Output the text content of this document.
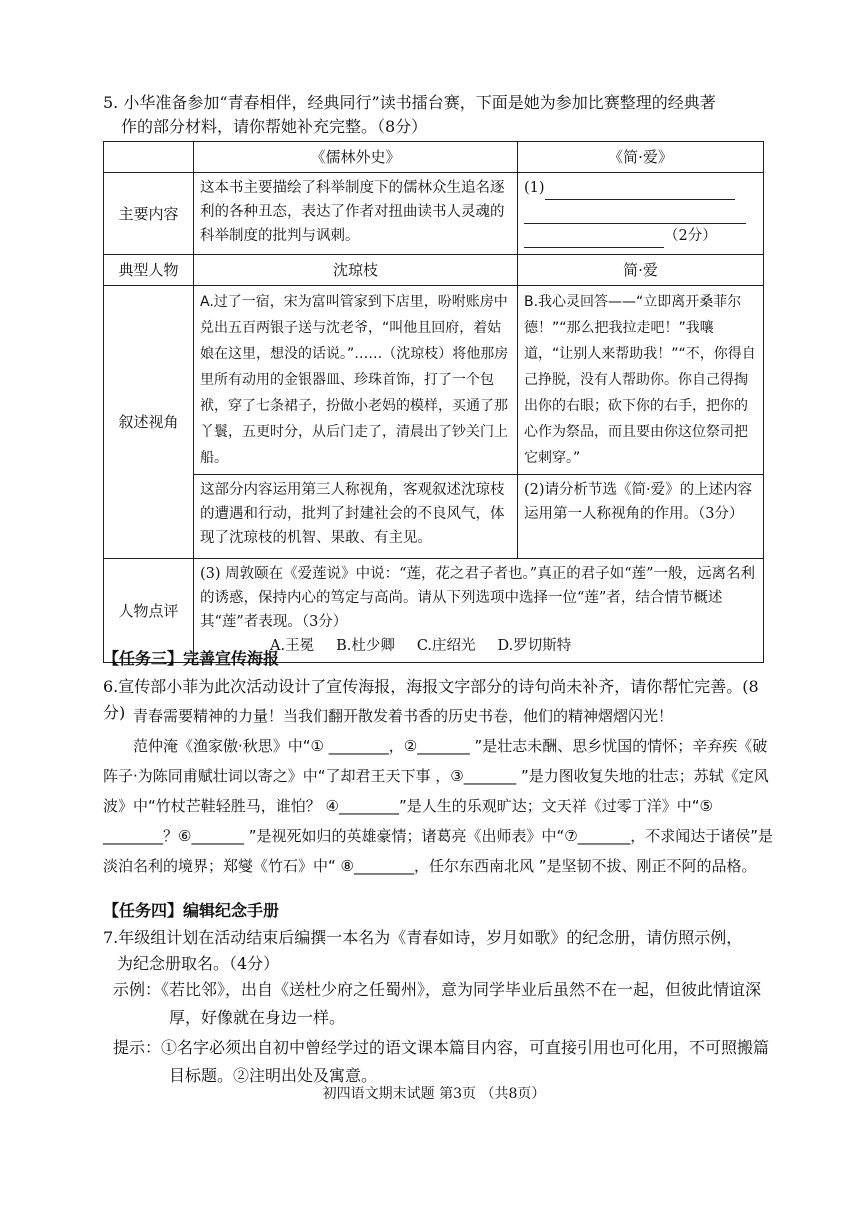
5. 小华准备参加“青春相伴，经典同行”读书擂台赛，下面是她为参加比赛整理的经典著
作的部分材料，请你帮她补充完整。（8分）
	《儒林外史》	《简·爱》
主要内容	这本书主要描绘了科举制度下的儒林众生追名逐利的各种丑态，表达了作者对扭曲读书人灵魂的科举制度的批判与讽刺。	(1)
（2分）

典型人物	沈琼枝	简·爱
叙述视角	A.过了一宿，宋为富叫管家到下店里，吩咐账房中兑出五百两银子送与沈老爷，“叫他且回府，着姑娘在这里，想没的话说。”……（沈琼枝）将他那房里所有动用的金银器皿、珍珠首饰，打了一个包袱，穿了七条裙子，扮做小老妈的模样，买通了那丫鬟，五更时分，从后门走了，清晨出了钞关门上船。	B.我心灵回答——“立即离开桑菲尔德！”“那么把我拉走吧！”我嚷道，“让别人来帮助我！”“不，你得自己挣脱，没有人帮助你。你自己得掏出你的右眼；砍下你的右手，把你的心作为祭品，而且要由你这位祭司把它刺穿。”
	这部分内容运用第三人称视角，客观叙述沈琼枝的遭遇和行动，批判了封建社会的不良风气，体现了沈琼枝的机智、果敢、有主见。	(2)请分析节选《简·爱》的上述内容运用第一人称视角的作用。（3分）
人物点评	(3) 周敦颐在《爱莲说》中说：“莲，花之君子者也。”真正的君子如“莲”一般，远离名利的诱惑，保持内心的笃定与高尚。请从下列选项中选择一位“莲”者，结合情节概述其“莲”者表现。（3分）
A.王冕 B.杜少卿 C.庄绍光 D.罗切斯特	
【任务三】完善宣传海报
6.宣传部小菲为此次活动设计了宣传海报，海报文字部分的诗句尚未补齐，请你帮忙完善。(8分) 青春需要精神的力量！当我们翻开散发着书香的历史书卷，他们的精神熠熠闪光！

范仲淹《渔家傲·秋思》中“① ________，②_______ ”是壮志未酬、思乡忧国的情怀；辛弃疾《破阵子·为陈同甫赋壮词以寄之》中“了却君王天下事 ，③_______ ”是力图收复失地的壮志；苏轼《定风波》中“竹杖芒鞋轻胜马，谁怕？ ④________”是人生的乐观旷达；文天祥《过零丁洋》中“⑤ ________？⑥_______ ”是视死如归的英雄豪情；诸葛亮《出师表》中“⑦_______，不求闻达于诸侯”是淡泊名利的境界；郑燮《竹石》中“ ⑧________，任尔东西南北风 ”是坚韧不拔、刚正不阿的品格。

【任务四】编辑纪念手册
7.年级组计划在活动结束后编撰一本名为《青春如诗，岁月如歌》的纪念册，请仿照示例，
为纪念册取名。（4分）
示例：《若比邻》，出自《送杜少府之任蜀州》，意为同学毕业后虽然不在一起，但彼此情谊深厚，好像就在身边一样。
提示：①名字必须出自初中曾经学过的语文课本篇目内容，可直接引用也可化用，不可照搬篇目标题。②注明出处及寓意。
初四语文期末试题 第3页 （共8页）
